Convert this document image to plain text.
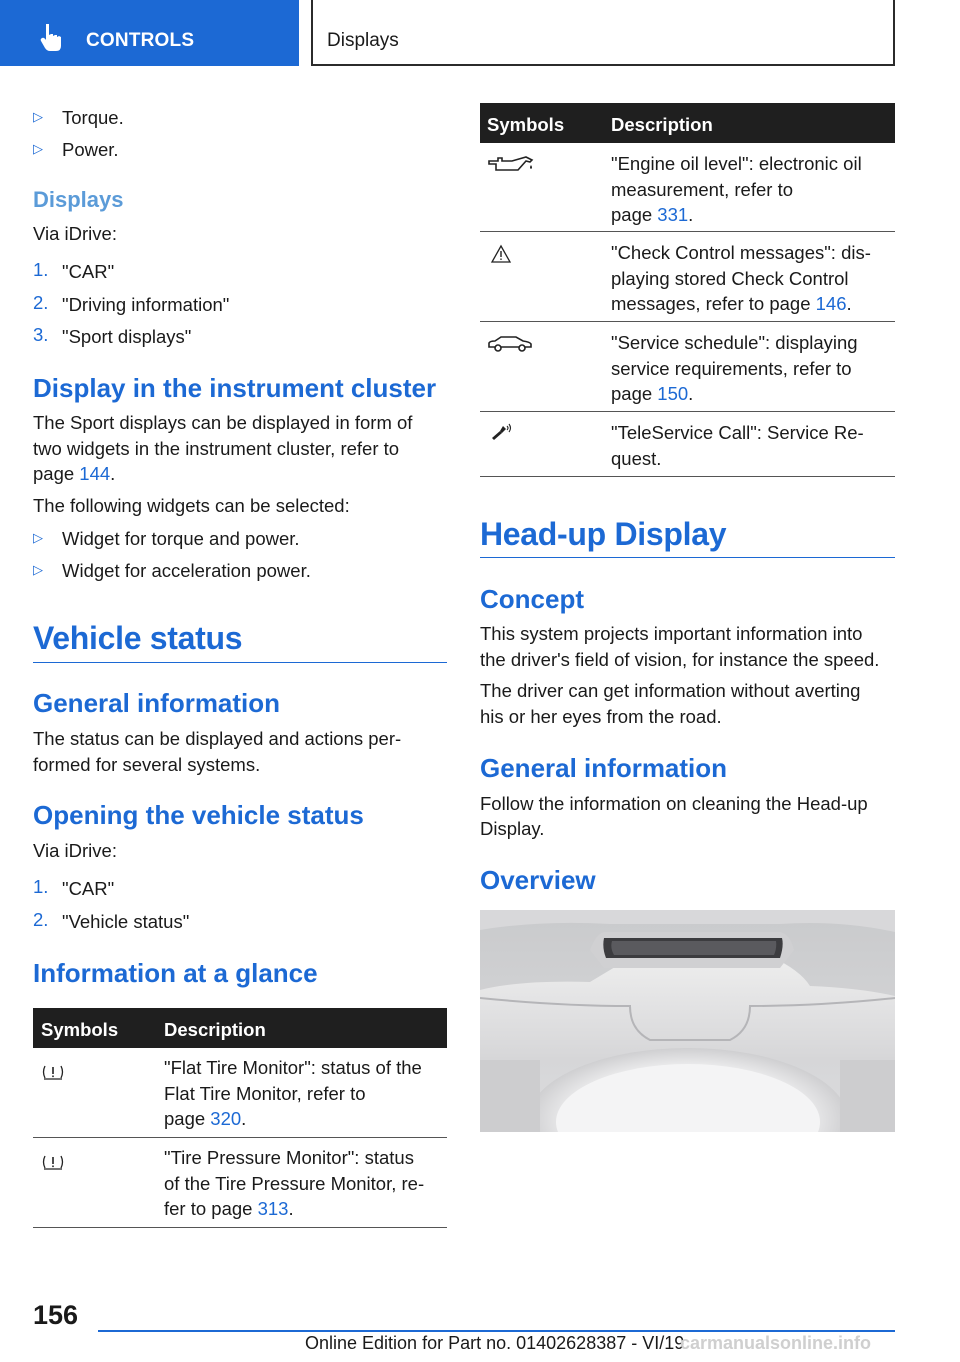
CONTROLS	Displays
▷ Torque.
▷ Power.
Displays
Via iDrive:
1. "CAR"
2. "Driving information"
3. "Sport displays"
Display in the instrument cluster
The Sport displays can be displayed in form of
two widgets in the instrument cluster, refer to
page 144.
The following widgets can be selected:
▷ Widget for torque and power.
▷ Widget for acceleration power.
Vehicle status
General information
The status can be displayed and actions per-
formed for several systems.
Opening the vehicle status
Via iDrive:
1. "CAR"
2. "Vehicle status"
Information at a glance
Symbols Description
"Flat Tire Monitor": status of the
Flat Tire Monitor, refer to
page 320.
"Tire Pressure Monitor": status
of the Tire Pressure Monitor, re-
fer to page 313.
Symbols	Description
"Engine oil level": electronic oil
measurement, refer to
page 331.
"Check Control messages": dis-
playing stored Check Control
messages, refer to page 146.
"Service schedule": displaying
service requirements, refer to
page 150.
"TeleService Call": Service Re-
quest.
Head-up Display
Concept
This system projects important information into
the driver's field of vision, for instance the speed.
The driver can get information without averting
his or her eyes from the road.
General information
Follow the information on cleaning the Head-up
Display.
Overview
156
Online Edition for Part no. 01402628387 - VI/19
carmanualsonline.info
